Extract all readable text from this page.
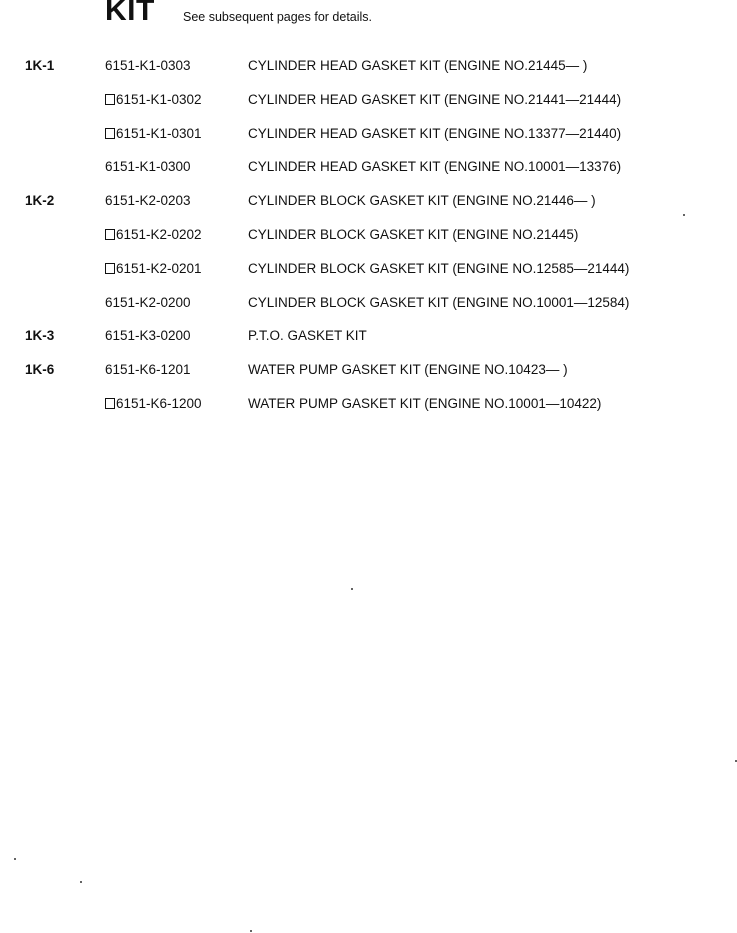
KIT See subsequent pages for details.
1K-1	6151-K1-0303	CYLINDER HEAD GASKET KIT (ENGINE NO.21445— )
6151-K1-0302	CYLINDER HEAD GASKET KIT (ENGINE NO.21441—21444)
6151-K1-0301	CYLINDER HEAD GASKET KIT (ENGINE NO.13377—21440)
6151-K1-0300	CYLINDER HEAD GASKET KIT (ENGINE NO.10001—13376)
1K-2	6151-K2-0203	CYLINDER BLOCK GASKET KIT (ENGINE NO.21446— )
6151-K2-0202	CYLINDER BLOCK GASKET KIT (ENGINE NO.21445)
6151-K2-0201	CYLINDER BLOCK GASKET KIT (ENGINE NO.12585—21444)
6151-K2-0200	CYLINDER BLOCK GASKET KIT (ENGINE NO.10001—12584)
1K-3	6151-K3-0200	P.T.O. GASKET KIT
1K-6	6151-K6-1201	WATER PUMP GASKET KIT (ENGINE NO.10423— )
6151-K6-1200	WATER PUMP GASKET KIT (ENGINE NO.10001—10422)
